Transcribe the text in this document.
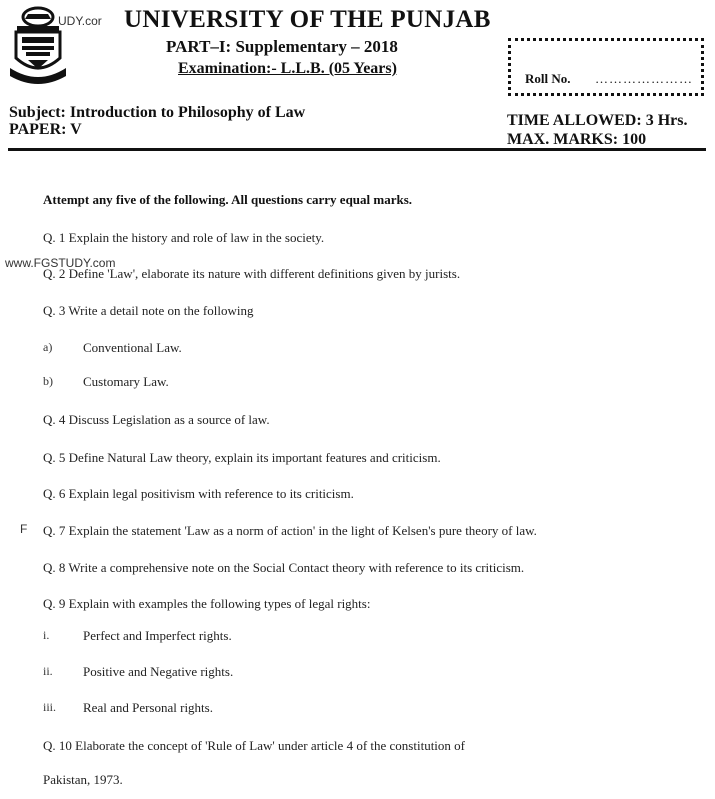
UDY.cor UNIVERSITY OF THE PUNJAB
PART–I: Supplementary – 2018
Examination:- L.L.B. (05 Years)
Roll No. …………………
Subject: Introduction to Philosophy of Law
PAPER: V
TIME ALLOWED: 3 Hrs.
MAX. MARKS: 100
Attempt any five of the following. All questions carry equal marks.
www.FGSTUDY.com
F
Q. 1 Explain the history and role of law in the society.
Q. 2 Define 'Law', elaborate its nature with different definitions given by jurists.
Q. 3 Write a detail note on the following
a) Conventional Law.
b) Customary Law.
Q. 4 Discuss Legislation as a source of law.
Q. 5 Define Natural Law theory, explain its important features and criticism.
Q. 6 Explain legal positivism with reference to its criticism.
Q. 7 Explain the statement 'Law as a norm of action' in the light of Kelsen's pure theory of law.
Q. 8 Write a comprehensive note on the Social Contact theory with reference to its criticism.
Q. 9 Explain with examples the following types of legal rights:
i.	Perfect and Imperfect rights.
ii. Positive and Negative rights.
iii. Real and Personal rights.
Q. 10 Elaborate the concept of 'Rule of Law' under article 4 of the constitution of
Pakistan, 1973.
